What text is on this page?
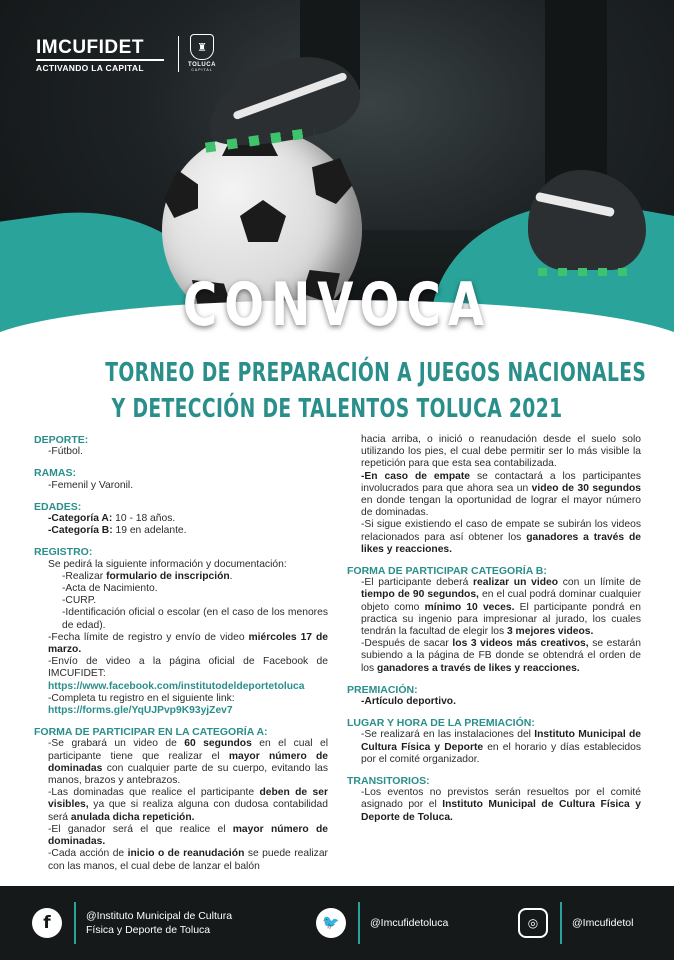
IMCUFIDET
ACTIVANDO LA CAPITAL
♜
TOLUCA
CAPITAL
CONVOCA
TORNEO DE PREPARACIÓN A JUEGOS NACIONALES
Y DETECCIÓN DE TALENTOS TOLUCA 2021
DEPORTE:
-Fútbol.
RAMAS:
-Femenil y Varonil.
EDADES:
-Categoría A: 10 - 18 años.
-Categoría B: 19 en adelante.
REGISTRO:
Se pedirá la siguiente información y documentación:
-Realizar formulario de inscripción.
-Acta de Nacimiento.
-CURP.
-Identificación oficial o escolar (en el caso de los menores de edad).
-Fecha límite de registro y envío de video miércoles 17 de marzo.
-Envío de video a la página oficial de Facebook de IMCUFIDET:
https://www.facebook.com/institutodeldeportetoluca
-Completa tu registro en el siguiente link:
https://forms.gle/YqUJPvp9K93yjZev7
FORMA DE PARTICIPAR EN LA CATEGORÍA A:
-Se grabará un video de 60 segundos en el cual el participante tiene que realizar el mayor número de dominadas con cualquier parte de su cuerpo, evitando las manos, brazos y antebrazos.
-Las dominadas que realice el participante deben de ser visibles, ya que si realiza alguna con dudosa contabilidad será anulada dicha repetición.
-El ganador será el que realice el mayor número de dominadas.
-Cada acción de inicio o de reanudación se puede realizar con las manos, el cual debe de lanzar el balón
hacia arriba, o inició o reanudación desde el suelo solo utilizando los pies, el cual debe permitir ser lo más visible la repetición para que esta sea contabilizada.
-En caso de empate se contactará a los participantes involucrados para que ahora sea un video de 30 segundos en donde tengan la oportunidad de lograr el mayor número de dominadas.
-Si sigue existiendo el caso de empate se subirán los videos relacionados para así obtener los ganadores a través de likes y reacciones.
FORMA DE PARTICIPAR CATEGORÍA B:
-El participante deberá realizar un video con un límite de tiempo de 90 segundos, en el cual podrá dominar cualquier objeto como mínimo 10 veces. El participante pondrá en practica su ingenio para impresionar al jurado, los cuales tendrán la facultad de elegir los 3 mejores videos.
-Después de sacar los 3 videos más creativos, se estarán subiendo a la página de FB donde se obtendrá el orden de los ganadores a través de likes y reacciones.
PREMIACIÓN:
-Artículo deportivo.
LUGAR Y HORA DE LA PREMIACIÓN:
-Se realizará en las instalaciones del Instituto Municipal de Cultura Física y Deporte en el horario y días establecidos por el comité organizador.
TRANSITORIOS:
-Los eventos no previstos serán resueltos por el comité asignado por el Instituto Municipal de Cultura Física y Deporte de Toluca.
f	@Instituto Municipal de Cultura
Física y Deporte de Toluca	🐦	@Imcufidetoluca	◎	@Imcufidetol
